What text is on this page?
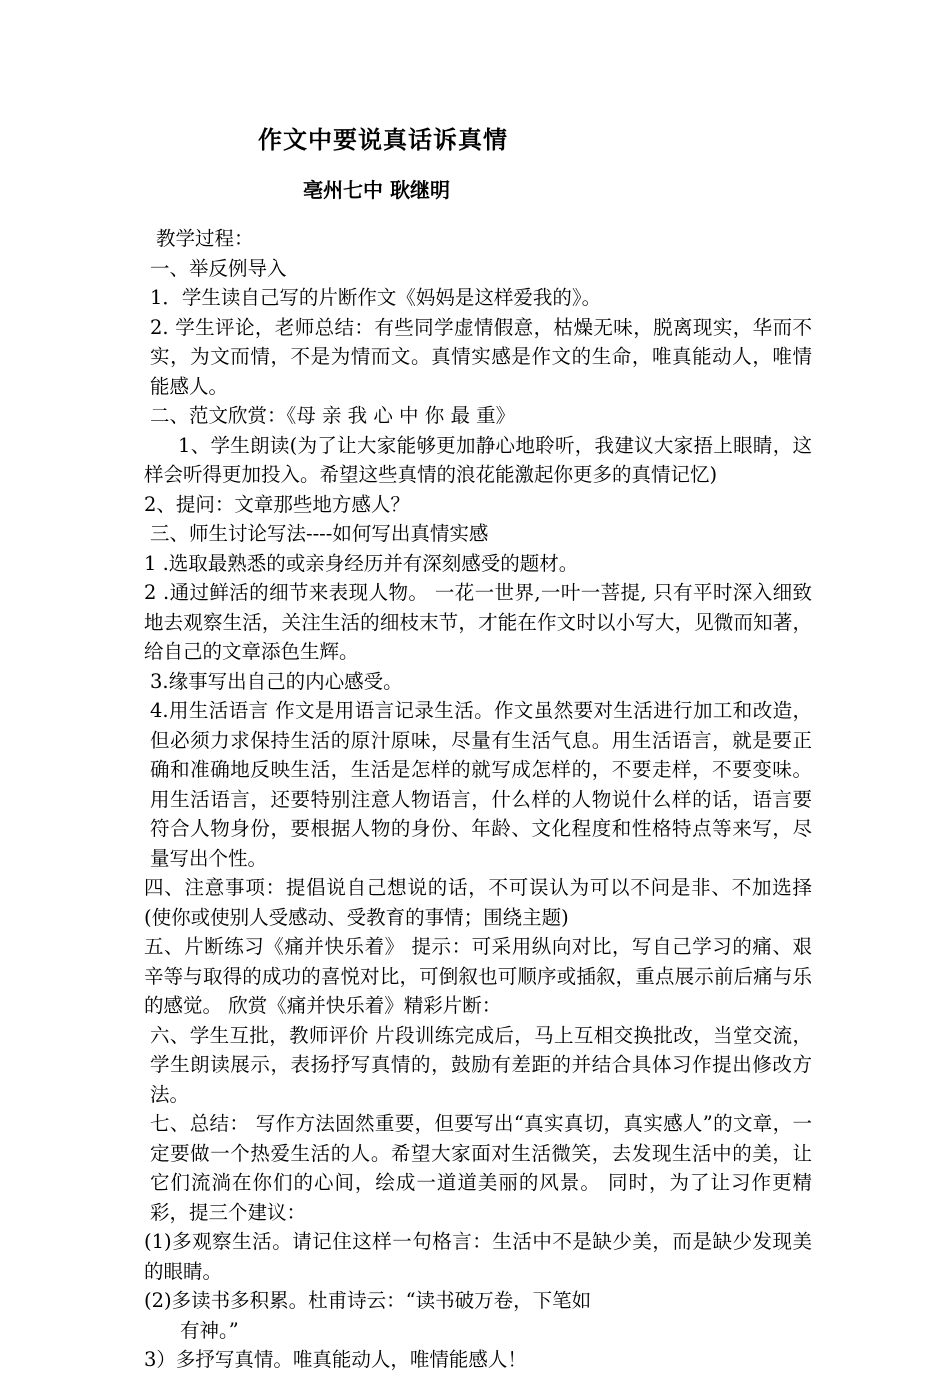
作文中要说真话诉真情
亳州七中 耿继明

教学过程：

一、举反例导入

1．学生读自己写的片断作文《妈妈是这样爱我的》。

2. 学生评论，老师总结：有些同学虚情假意，枯燥无味，脱离现实，华而不实，为文而情，不是为情而文。真情实感是作文的生命，唯真能动人，唯情能感人。

二、范文欣赏：《母 亲 我 心 中 你 最 重》

1、学生朗读(为了让大家能够更加静心地聆听，我建议大家捂上眼睛，这样会听得更加投入。希望这些真情的浪花能激起你更多的真情记忆)

2、提问：文章那些地方感人？

三、师生讨论写法----如何写出真情实感

1 .选取最熟悉的或亲身经历并有深刻感受的题材。

2 .通过鲜活的细节来表现人物。 一花一世界,一叶一菩提, 只有平时深入细致地去观察生活，关注生活的细枝末节，才能在作文时以小写大，见微而知著，给自己的文章添色生辉。

3.缘事写出自己的内心感受。

4.用生活语言 作文是用语言记录生活。作文虽然要对生活进行加工和改造，但必须力求保持生活的原汁原味，尽量有生活气息。用生活语言，就是要正确和准确地反映生活，生活是怎样的就写成怎样的，不要走样，不要变味。用生活语言，还要特别注意人物语言，什么样的人物说什么样的话，语言要符合人物身份，要根据人物的身份、年龄、文化程度和性格特点等来写，尽量写出个性。

四、注意事项：提倡说自己想说的话，不可误认为可以不问是非、不加选择(使你或使别人受感动、受教育的事情；围绕主题)

五、片断练习《痛并快乐着》 提示：可采用纵向对比，写自己学习的痛、艰辛等与取得的成功的喜悦对比，可倒叙也可顺序或插叙，重点展示前后痛与乐的感觉。 欣赏《痛并快乐着》精彩片断：

六、学生互批，教师评价 片段训练完成后，马上互相交换批改，当堂交流，学生朗读展示，表扬抒写真情的，鼓励有差距的并结合具体习作提出修改方法。

七、总结： 写作方法固然重要，但要写出“真实真切，真实感人”的文章，一定要做一个热爱生活的人。希望大家面对生活微笑，去发现生活中的美，让它们流淌在你们的心间，绘成一道道美丽的风景。 同时，为了让习作更精彩，提三个建议：

(1)多观察生活。请记住这样一句格言：生活中不是缺少美，而是缺少发现美的眼睛。

(2)多读书多积累。杜甫诗云：“读书破万卷，下笔如

有神。”

3）多抒写真情。唯真能动人，唯情能感人！
